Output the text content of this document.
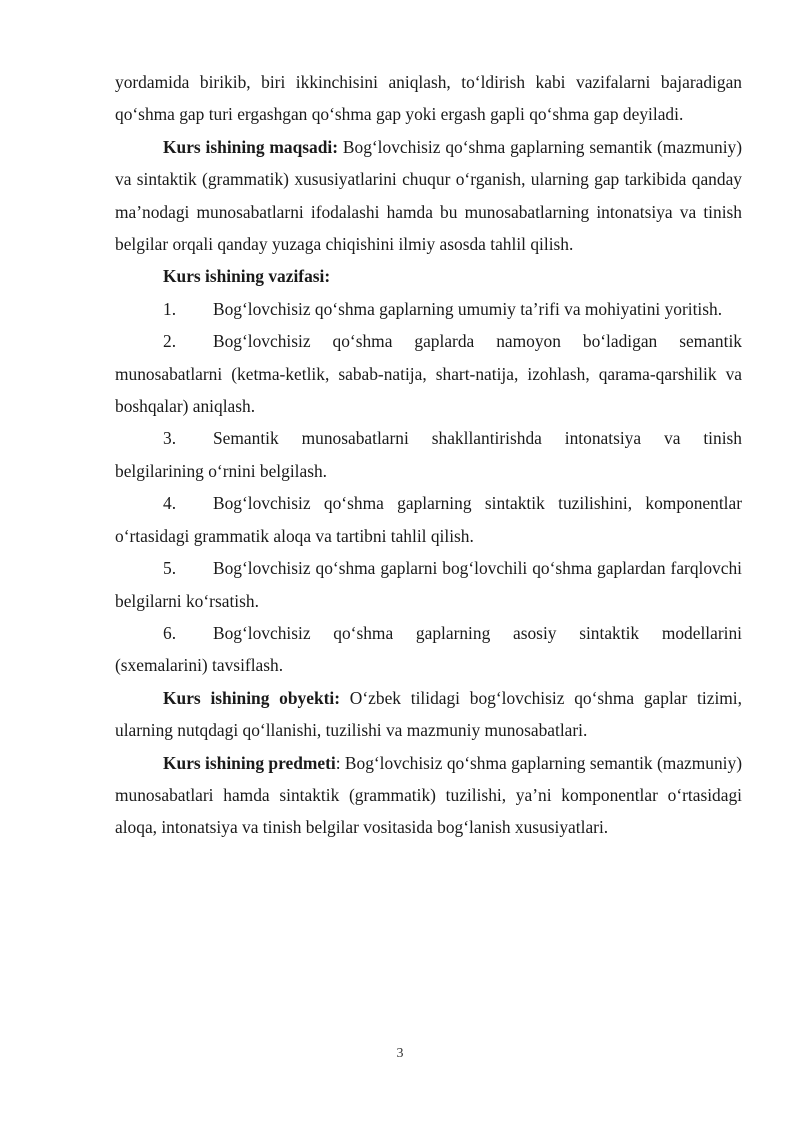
yordamida birikib, biri ikkinchisini aniqlash, to‘ldirish kabi vazifalarni bajaradigan qo‘shma gap turi ergashgan qo‘shma gap yoki ergash gapli qo‘shma gap deyiladi.

Kurs ishining maqsadi: Bog‘lovchisiz qo‘shma gaplarning semantik (mazmuniy) va sintaktik (grammatik) xususiyatlarini chuqur o‘rganish, ularning gap tarkibida qanday ma’nodagi munosabatlarni ifodalashi hamda bu munosabatlarning intonatsiya va tinish belgilar orqali qanday yuzaga chiqishini ilmiy asosda tahlil qilish.

Kurs ishining vazifasi:

1. Bog‘lovchisiz qo‘shma gaplarning umumiy ta’rifi va mohiyatini yoritish.

2. Bog‘lovchisiz qo‘shma gaplarda namoyon bo‘ladigan semantik munosabatlarni (ketma-ketlik, sabab-natija, shart-natija, izohlash, qarama-qarshilik va boshqalar) aniqlash.

3. Semantik munosabatlarni shakllantirishda intonatsiya va tinish belgilarining o‘rnini belgilash.

4. Bog‘lovchisiz qo‘shma gaplarning sintaktik tuzilishini, komponentlar o‘rtasidagi grammatik aloqa va tartibni tahlil qilish.

5. Bog‘lovchisiz qo‘shma gaplarni bog‘lovchili qo‘shma gaplardan farqlovchi belgilarni ko‘rsatish.

6. Bog‘lovchisiz qo‘shma gaplarning asosiy sintaktik modellarini (sxemalarini) tavsiflash.

Kurs ishining obyekti: O‘zbek tilidagi bog‘lovchisiz qo‘shma gaplar tizimi, ularning nutqdagi qo‘llanishi, tuzilishi va mazmuniy munosabatlari.

Kurs ishining predmeti: Bog‘lovchisiz qo‘shma gaplarning semantik (mazmuniy) munosabatlari hamda sintaktik (grammatik) tuzilishi, ya’ni komponentlar o‘rtasidagi aloqa, intonatsiya va tinish belgilar vositasida bog‘lanish xususiyatlari.

3
